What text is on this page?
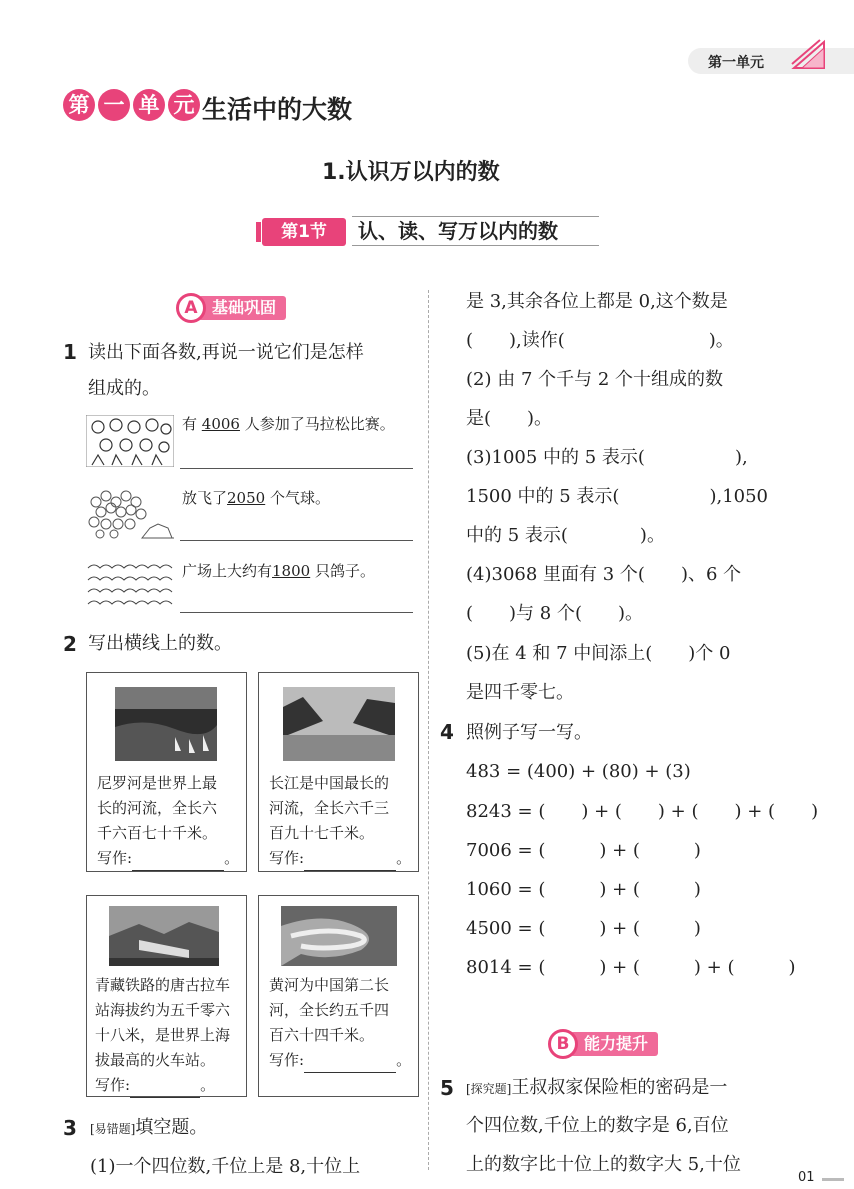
第一单元
第 一 单 元 生活中的大数
1.认识万以内的数
第1节	认、读、写万以内的数
A 基础巩固
1 读出下面各数,再说一说它们是怎样
组成的。
有 4006 人参加了马拉松比赛。
放飞了2050 个气球。
广场上大约有1800 只鸽子。
2 写出横线上的数。
尼罗河是世界上最
长的河流，全长六
千六百七十千米。
写作:	。
长江是中国最长的
河流，全长六千三
百九十七千米。
写作:	。
青藏铁路的唐古拉车
站海拔约为五千零六
十八米，是世界上海
拔最高的火车站。
写作:	。
黄河为中国第二长
河，全长约五千四
百六十四千米。
写作:	。
3 [易错题]填空题。
(1)一个四位数,千位上是 8,十位上
是 3,其余各位上都是 0,这个数是
(　　),读作(　　　　　　　　)。
(2) 由 7 个千与 2 个十组成的数
是(　　)。
(3)1005 中的 5 表示(　　　　　),
1500 中的 5 表示(　　　　　),1050
中的 5 表示(　　　　)。
(4)3068 里面有 3 个(　　)、6 个
(　　)与 8 个(　　)。
(5)在 4 和 7 中间添上(　　)个 0
是四千零七。
4 照例子写一写。
483 = (400) + (80) + (3)
8243 = (　　) + (　　) + (　　) + (　　)
7006 = (　　　) + (　　　)
1060 = (　　　) + (　　　)
4500 = (　　　) + (　　　)
8014 = (　　　) + (　　　) + (　　　)
B 能力提升
5 [探究题]王叔叔家保险柜的密码是一
个四位数,千位上的数字是 6,百位
上的数字比十位上的数字大 5,十位
01
